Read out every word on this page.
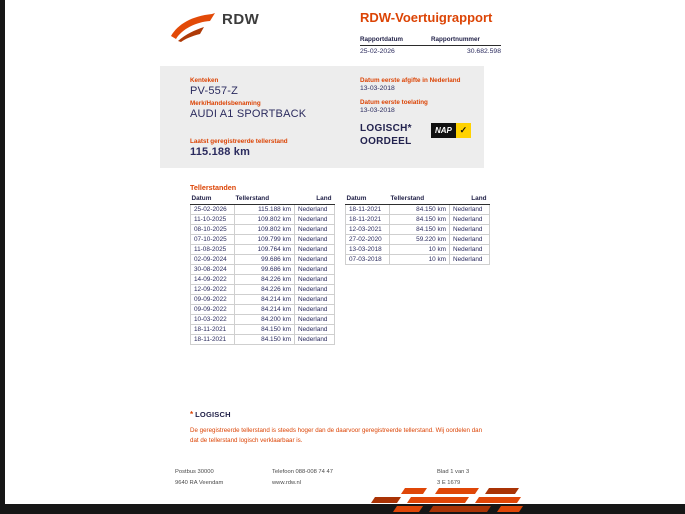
RDW	RDW-Voertuigrapport
Rapportdatum	Rapportnummer
25-02-2026	30.682.598
Kenteken
PV-557-Z
Merk/Handelsbenaming
AUDI A1 SPORTBACK
Laatst geregistreerde tellerstand
115.188 km
Datum eerste afgifte in Nederland
13-03-2018
Datum eerste toelating
13-03-2018
LOGISCH*
OORDEEL
NAP ✓
Tellerstanden
Datum	Tellerstand	Land
25-02-2026	115.188 km	Nederland
11-10-2025	109.802 km	Nederland
08-10-2025	109.802 km	Nederland
07-10-2025	109.799 km	Nederland
11-08-2025	109.764 km	Nederland
02-09-2024	99.686 km	Nederland
30-08-2024	99.686 km	Nederland
14-09-2022	84.226 km	Nederland
12-09-2022	84.226 km	Nederland
09-09-2022	84.214 km	Nederland
09-09-2022	84.214 km	Nederland
10-03-2022	84.200 km	Nederland
18-11-2021	84.150 km	Nederland
18-11-2021	84.150 km	Nederland
Datum	Tellerstand	Land
18-11-2021	84.150 km	Nederland
18-11-2021	84.150 km	Nederland
12-03-2021	84.150 km	Nederland
27-02-2020	59.220 km	Nederland
13-03-2018	10 km	Nederland
07-03-2018	10 km	Nederland
* LOGISCH
De geregistreerde tellerstand is steeds hoger dan de daarvoor geregistreerde tellerstand. Wij oordelen dan dat de tellerstand logisch verklaarbaar is.
Postbus 30000
9640 RA Veendam
Telefoon 088-008 74 47
www.rdw.nl
Blad 1 van 3
3 E 1679
